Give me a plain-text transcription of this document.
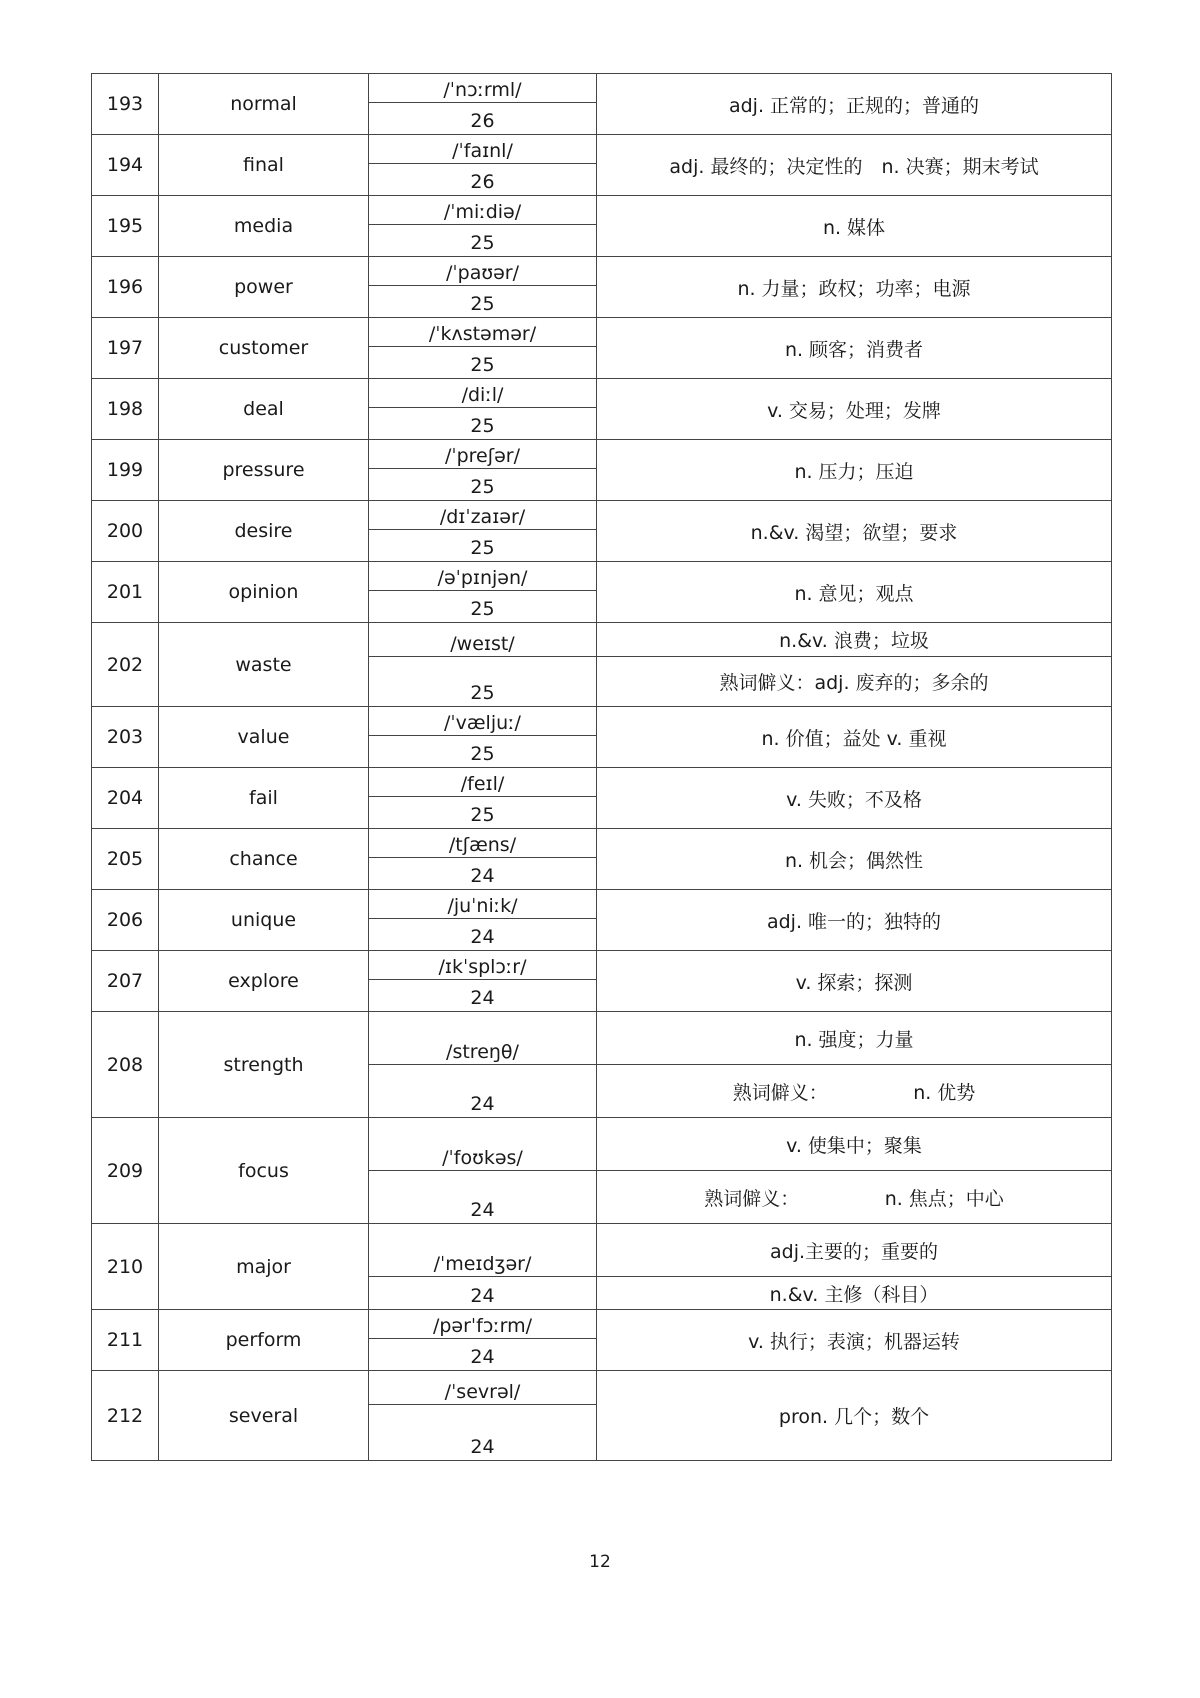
193	normal	/ˈnɔːrml/	adj. 正常的；正规的；普通的
		26	
194	final	/ˈfaɪnl/	adj. 最终的；决定性的　n. 决赛；期末考试
		26	
195	media	/ˈmiːdiə/	n. 媒体
		25	
196	power	/ˈpaʊər/	n. 力量；政权；功率；电源
		25	
197	customer	/ˈkʌstəmər/	n. 顾客；消费者
		25	
198	deal	/diːl/	v. 交易；处理；发牌
		25	
199	pressure	/ˈpreʃər/	n. 压力；压迫
		25	
200	desire	/dɪˈzaɪər/	n.&v. 渴望；欲望；要求
		25	
201	opinion	/əˈpɪnjən/	n. 意见；观点
		25	
202	waste	/weɪst/	n.&v. 浪费；垃圾
		25	熟词僻义：adj. 废弃的；多余的
203	value	/ˈvæljuː/	n. 价值；益处 v. 重视
		25	
204	fail	/feɪl/	v. 失败；不及格
		25	
205	chance	/tʃæns/	n. 机会；偶然性
		24	
206	unique	/juˈniːk/	adj. 唯一的；独特的
		24	
207	explore	/ɪkˈsplɔːr/	v. 探索；探测
		24	
208	strength	/streŋθ/	n. 强度；力量
		24	熟词僻义：　　　　　n. 优势
209	focus	/ˈfoʊkəs/	v. 使集中；聚集
		24	熟词僻义：　　　　　n. 焦点；中心
210	major	/ˈmeɪdʒər/	adj.主要的；重要的
		24	n.&v. 主修（科目）
211	perform	/pərˈfɔːrm/	v. 执行；表演；机器运转
		24	
212	several	/ˈsevrəl/	pron. 几个；数个
		24	
12
